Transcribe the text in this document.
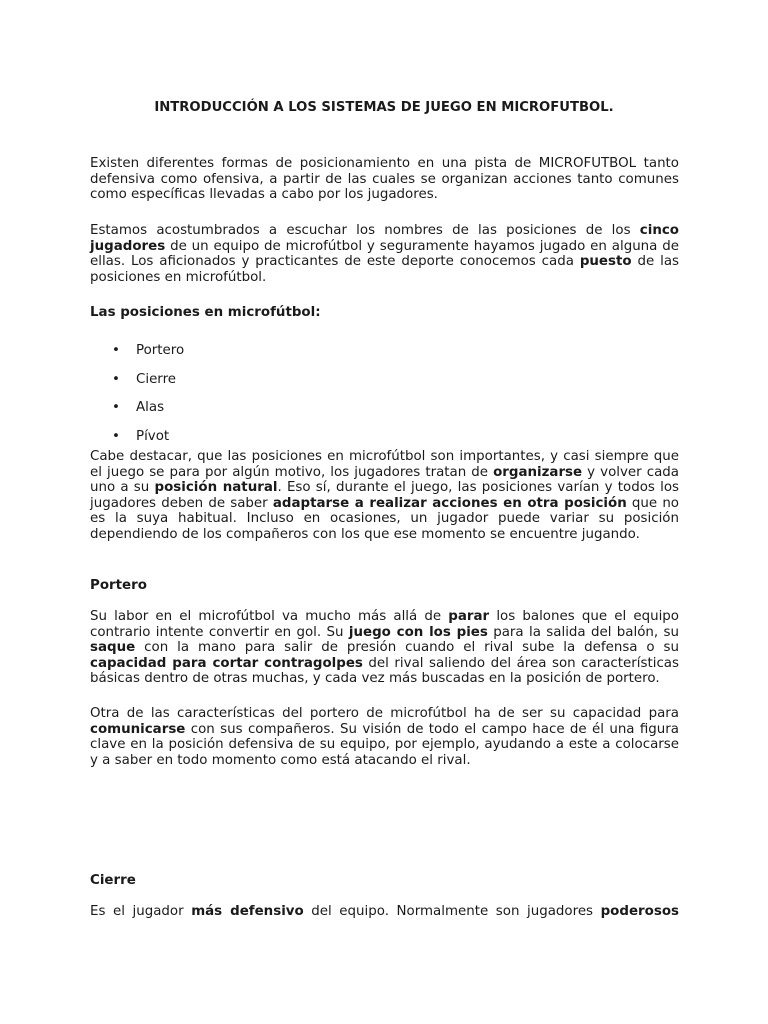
INTRODUCCIÓN A LOS SISTEMAS DE JUEGO EN MICROFUTBOL.

Existen diferentes formas de posicionamiento en una pista de MICROFUTBOL tanto defensiva como ofensiva, a partir de las cuales se organizan acciones tanto comunes como específicas llevadas a cabo por los jugadores.

Estamos acostumbrados a escuchar los nombres de las posiciones de los cinco jugadores de un equipo de microfútbol y seguramente hayamos jugado en alguna de ellas. Los aficionados y practicantes de este deporte conocemos cada puesto de las posiciones en microfútbol.

Las posiciones en microfútbol:

• Portero
• Cierre
• Alas
• Pívot

Cabe destacar, que las posiciones en microfútbol son importantes, y casi siempre que el juego se para por algún motivo, los jugadores tratan de organizarse y volver cada uno a su posición natural. Eso sí, durante el juego, las posiciones varían y todos los jugadores deben de saber adaptarse a realizar acciones en otra posición que no es la suya habitual. Incluso en ocasiones, un jugador puede variar su posición dependiendo de los compañeros con los que ese momento se encuentre jugando.

Portero

Su labor en el microfútbol va mucho más allá de parar los balones que el equipo contrario intente convertir en gol. Su juego con los pies para la salida del balón, su saque con la mano para salir de presión cuando el rival sube la defensa o su capacidad para cortar contragolpes del rival saliendo del área son características básicas dentro de otras muchas, y cada vez más buscadas en la posición de portero.

Otra de las características del portero de microfútbol ha de ser su capacidad para comunicarse con sus compañeros. Su visión de todo el campo hace de él una figura clave en la posición defensiva de su equipo, por ejemplo, ayudando a este a colocarse y a saber en todo momento como está atacando el rival.

Cierre

Es el jugador más defensivo del equipo. Normalmente son jugadores poderosos
